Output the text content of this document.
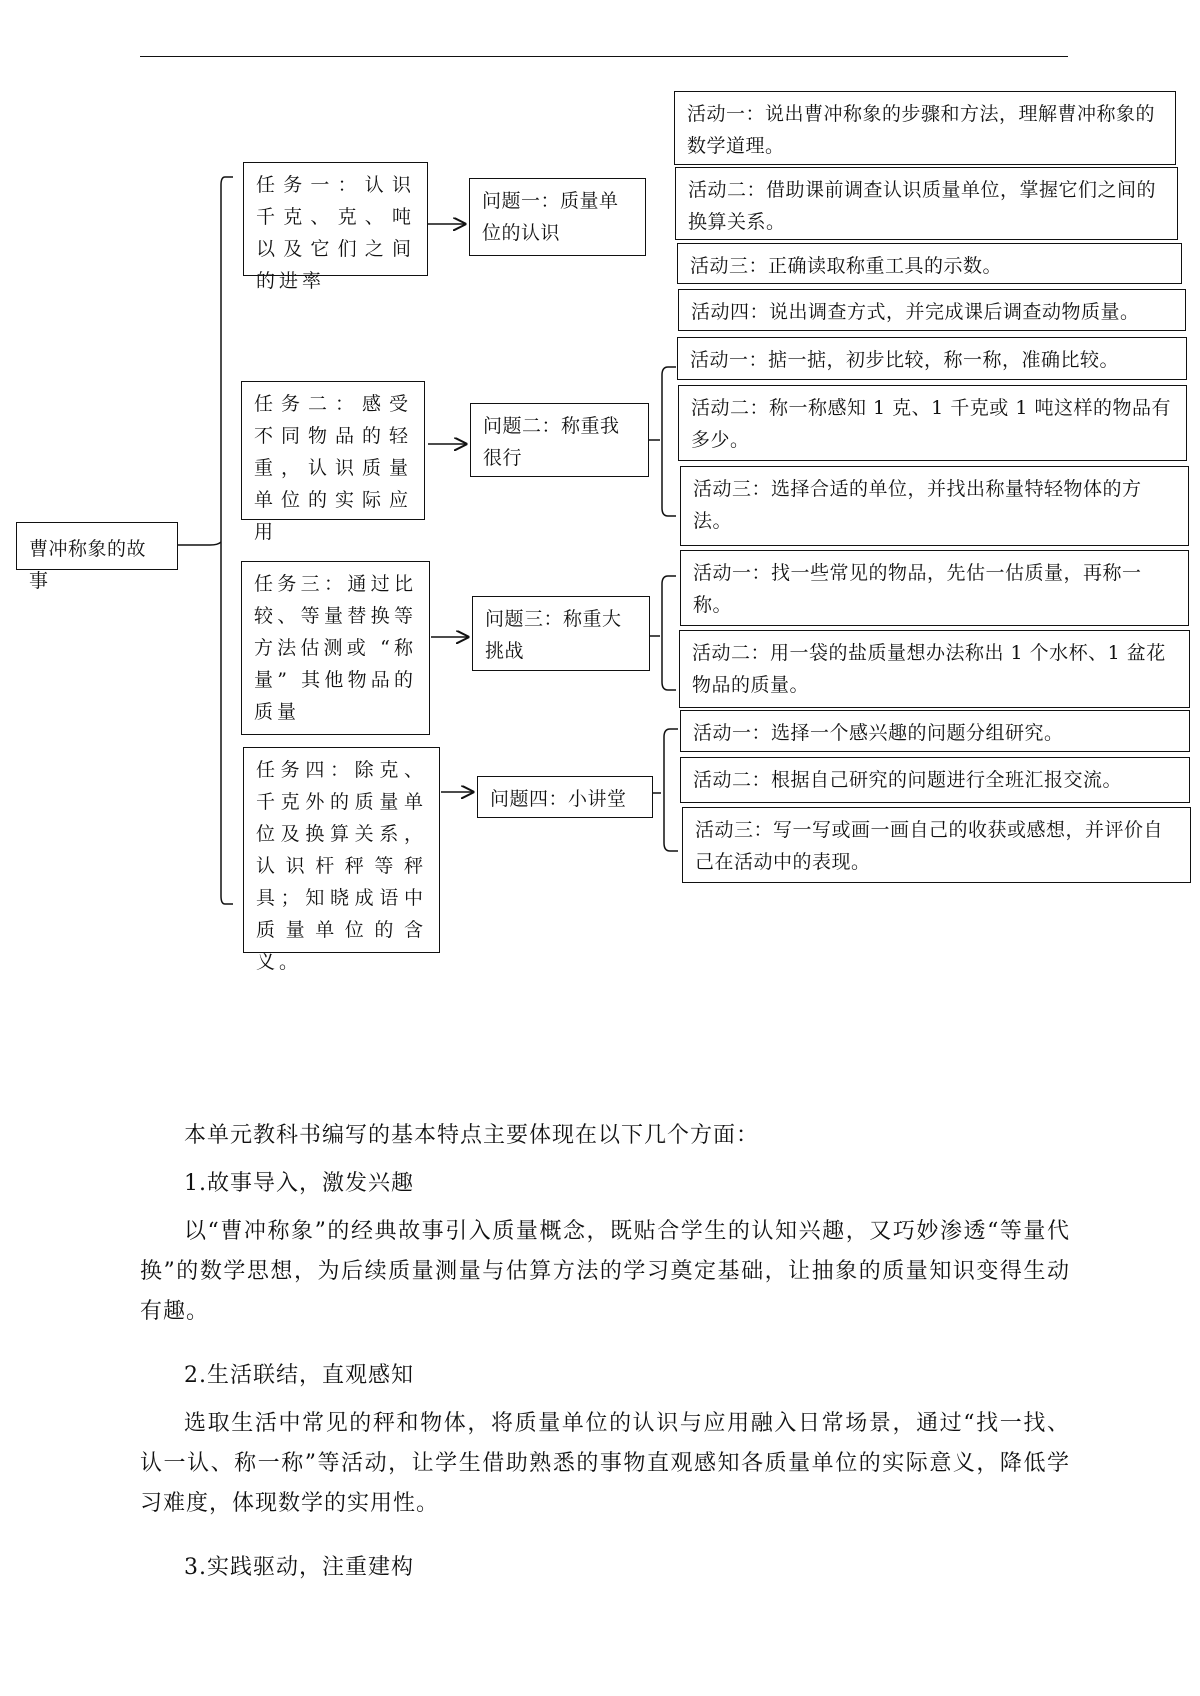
曹冲称象的故事
任务一：认识千克、克、吨以及它们之间的进率
任务二：感受不同物品的轻重，认识质量单位的实际应用
任务三：通过比较、等量替换等方法估测或 “称量” 其他物品的质量
任务四：除克、千克外的质量单位及换算关系，认识杆秤等秤具；知晓成语中质量单位的含义。
问题一：质量单位的认识
问题二：称重我很行
问题三：称重大挑战
问题四：小讲堂
活动一：说出曹冲称象的步骤和方法，理解曹冲称象的数学道理。
活动二：借助课前调查认识质量单位，掌握它们之间的换算关系。
活动三：正确读取称重工具的示数。
活动四：说出调查方式，并完成课后调查动物质量。
活动一：掂一掂，初步比较，称一称，准确比较。
活动二：称一称感知 1 克、1 千克或 1 吨这样的物品有多少。
活动三：选择合适的单位，并找出称量特轻物体的方法。
活动一：找一些常见的物品，先估一估质量，再称一称。
活动二：用一袋的盐质量想办法称出 1 个水杯、1 盆花物品的质量。
活动一：选择一个感兴趣的问题分组研究。
活动二：根据自己研究的问题进行全班汇报交流。
活动三：写一写或画一画自己的收获或感想，并评价自己在活动中的表现。

本单元教科书编写的基本特点主要体现在以下几个方面：

1.故事导入，激发兴趣

以“曹冲称象”的经典故事引入质量概念，既贴合学生的认知兴趣，又巧妙渗透“等量代换”的数学思想，为后续质量测量与估算方法的学习奠定基础，让抽象的质量知识变得生动有趣。

2.生活联结，直观感知

选取生活中常见的秤和物体，将质量单位的认识与应用融入日常场景，通过“找一找、认一认、称一称”等活动，让学生借助熟悉的事物直观感知各质量单位的实际意义，降低学习难度，体现数学的实用性。

3.实践驱动，注重建构
